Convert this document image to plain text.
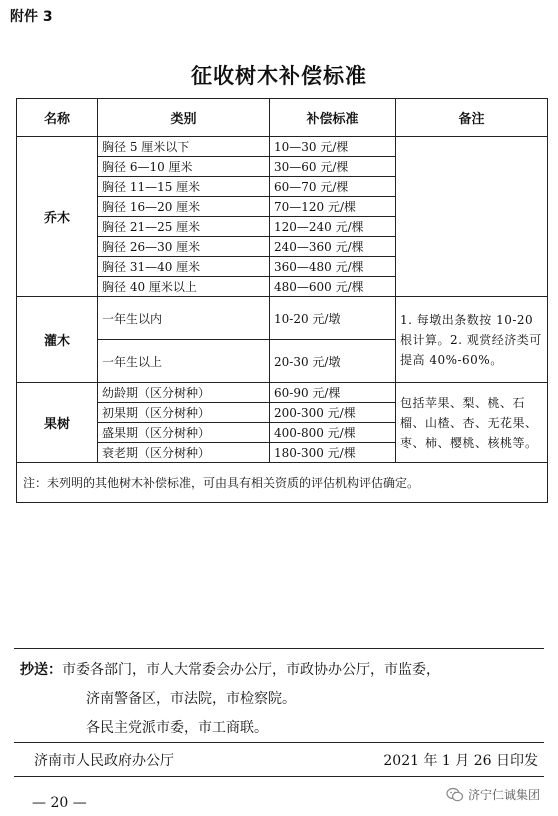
附件 3
征收树木补偿标准
名称	类别	补偿标准	备注
乔木	胸径 5 厘米以下	10—30 元/棵	
	胸径 6—10 厘米	30—60 元/棵	
	胸径 11—15 厘米	60—70 元/棵	
	胸径 16—20 厘米	70—120 元/棵	
	胸径 21—25 厘米	120—240 元/棵	
	胸径 26—30 厘米	240—360 元/棵	
	胸径 31—40 厘米	360—480 元/棵	
	胸径 40 厘米以上	480—600 元/棵	
灌木	一年生以内	10-20 元/墩	1. 每墩出条数按 10-20 根计算。2. 观赏经济类可提高 40%-60%。
	一年生以上	20-30 元/墩	
果树	幼龄期（区分树种）	60-90 元/棵	包括苹果、梨、桃、石榴、山楂、杏、无花果、枣、柿、樱桃、核桃等。
	初果期（区分树种）	200-300 元/棵	
	盛果期（区分树种）	400-800 元/棵	
	衰老期（区分树种）	180-300 元/棵	
注：未列明的其他树木补偿标准，可由具有相关资质的评估机构评估确定。			
抄送：市委各部门，市人大常委会办公厅，市政协办公厅，市监委，
济南警备区，市法院，市检察院。
各民主党派市委，市工商联。
济南市人民政府办公厅	2021 年 1 月 26 日印发
— 20 —	济宁仁诚集团
